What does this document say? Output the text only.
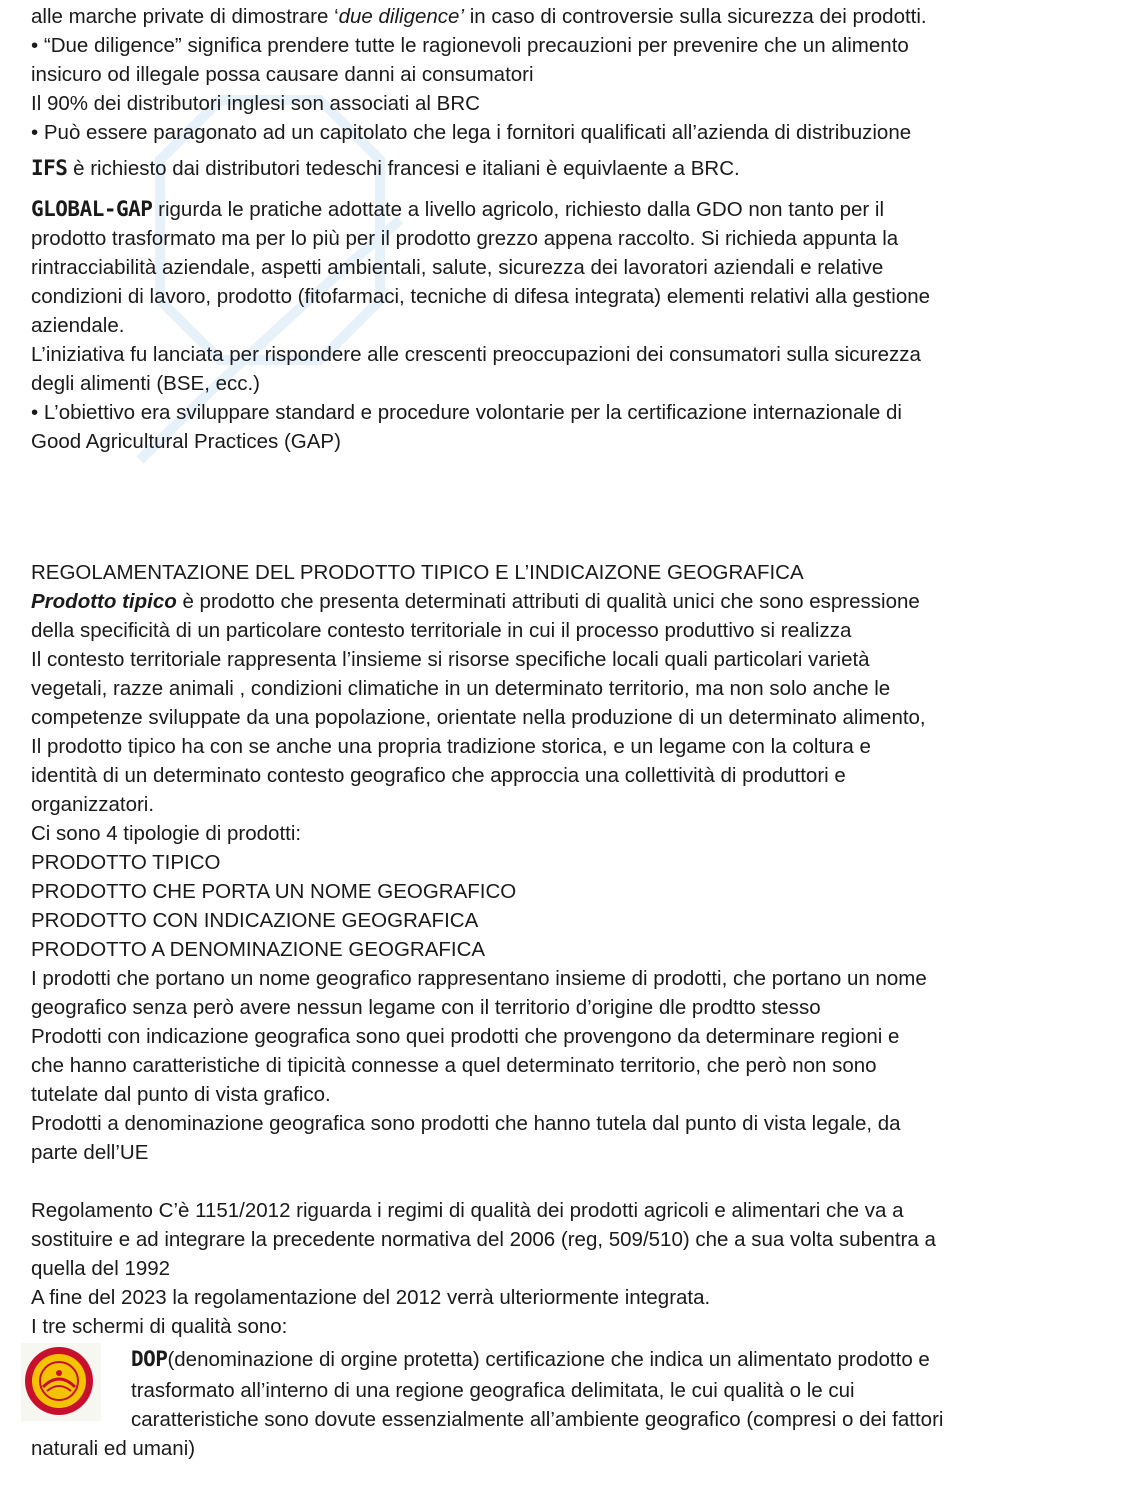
alle marche private di dimostrare ‘due diligence’ in caso di controversie sulla sicurezza dei prodotti.
• “Due diligence” significa prendere tutte le ragionevoli precauzioni per prevenire che un alimento
insicuro od illegale possa causare danni ai consumatori
Il 90% dei distributori inglesi son associati al BRC
• Può essere paragonato ad un capitolato che lega i fornitori qualificati all’azienda di distribuzione
IFS è richiesto dai distributori tedeschi francesi e italiani è equivlaente a BRC.
GLOBAL-GAP rigurda le pratiche adottate a livello agricolo, richiesto dalla GDO non tanto per il
prodotto trasformato ma per lo più per il prodotto grezzo appena raccolto. Si richieda appunta la
rintracciabilità aziendale, aspetti ambientali, salute, sicurezza dei lavoratori aziendali e relative
condizioni di lavoro, prodotto (fitofarmaci, tecniche di difesa integrata) elementi relativi alla gestione
aziendale.
L’iniziativa fu lanciata per rispondere alle crescenti preoccupazioni dei consumatori sulla sicurezza
degli alimenti (BSE, ecc.)
• L’obiettivo era sviluppare standard e procedure volontarie per la certificazione internazionale di
Good Agricultural Practices (GAP)
REGOLAMENTAZIONE DEL PRODOTTO TIPICO E L’INDICAIZONE GEOGRAFICA
Prodotto tipico è prodotto che presenta determinati attributi di qualità unici che sono espressione
della specificità di un particolare contesto territoriale in cui il processo produttivo si realizza
Il contesto territoriale rappresenta l’insieme si risorse specifiche locali quali particolari varietà
vegetali, razze animali , condizioni climatiche in un determinato territorio, ma non solo anche le
competenze sviluppate da una popolazione, orientate nella produzione di un determinato alimento,
Il prodotto tipico ha con se anche una propria tradizione storica, e un legame con la coltura e
identità di un determinato contesto geografico che approccia una collettività di produttori e
organizzatori.
Ci sono 4 tipologie di prodotti:
PRODOTTO TIPICO
PRODOTTO CHE PORTA UN NOME GEOGRAFICO
PRODOTTO CON INDICAZIONE GEOGRAFICA
PRODOTTO A DENOMINAZIONE GEOGRAFICA
I prodotti che portano un nome geografico rappresentano insieme di prodotti, che portano un nome
geografico senza però avere nessun legame con il territorio d’origine dle prodtto stesso
Prodotti con indicazione geografica sono quei prodotti che provengono da determinare regioni e
che hanno caratteristiche di tipicità connesse a quel determinato territorio, che però non sono
tutelate dal punto di vista grafico.
Prodotti a denominazione geografica sono prodotti che hanno tutela dal punto di vista legale, da
parte dell’UE
Regolamento C’è 1151/2012 riguarda i regimi di qualità dei prodotti agricoli e alimentari che va a
sostituire e ad integrare la precedente normativa del 2006 (reg, 509/510) che a sua volta subentra a
quella del 1992
A fine del 2023 la regolamentazione del 2012 verrà ulteriormente integrata.
I tre schermi di qualità sono:
DOP(denominazione di orgine protetta) certificazione che indica un alimentato prodotto e
trasformato all’interno di una regione geografica delimitata, le cui qualità o le cui
caratteristiche sono dovute essenzialmente all’ambiente geografico (compresi o dei fattori
naturali ed umani)
